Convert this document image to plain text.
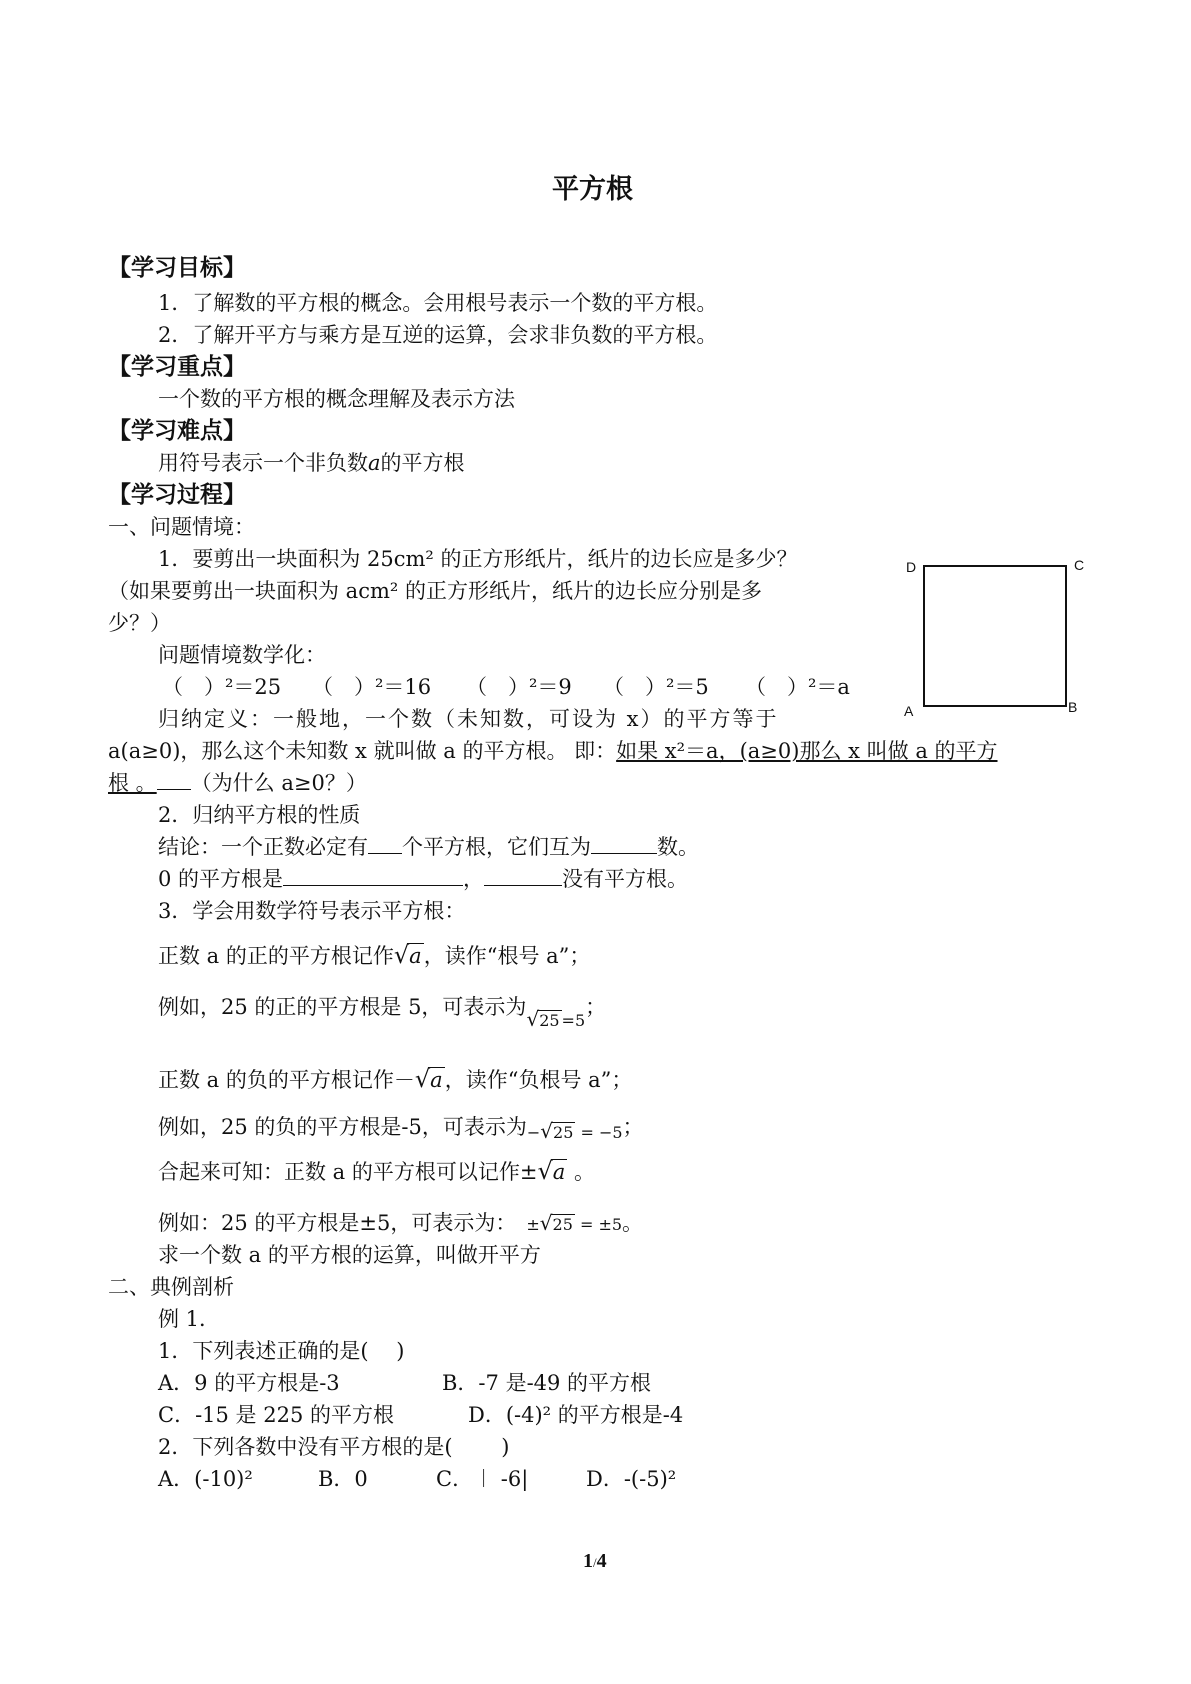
平方根
【学习目标】
1．了解数的平方根的概念。会用根号表示一个数的平方根。
2．了解开平方与乘方是互逆的运算，会求非负数的平方根。
【学习重点】
一个数的平方根的概念理解及表示方法
【学习难点】
用符号表示一个非负数a的平方根
【学习过程】
一、问题情境：
1．要剪出一块面积为 25cm² 的正方形纸片，纸片的边长应是多少？
（如果要剪出一块面积为 acm² 的正方形纸片，纸片的边长应分别是多
少？）
问题情境数学化：
（　）²＝25 （　）²＝16 （　）²＝9 （　）²＝5 （　）²＝a
归纳定义：一般地，一个数（未知数，可设为 x）的平方等于
a(a≥0)，那么这个未知数 x 就叫做 a 的平方根。 即：如果 x²＝a，(a≥0)那么 x 叫做 a 的平方
根 。 （为什么 a≥0？）
2．归纳平方根的性质
结论：一个正数必定有 个平方根，它们互为	数。
0 的平方根是	，	没有平方根。
3．学会用数学符号表示平方根：
正数 a 的正的平方根记作√a，读作“根号 a”；
例如，25 的正的平方根是 5，可表示为$_{√25 =5}$；
正数 a 的负的平方根记作－√a，读作“负根号 a”；
例如，25 的负的平方根是-5，可表示为−√25 = −5；
合起来可知：正数 a 的平方根可以记作±√a 。
例如：25 的平方根是±5，可表示为： ±√25 = ±5。
求一个数 a 的平方根的运算，叫做开平方
D	C
A	B
二、典例剖析
例 1．
1．下列表述正确的是(　 )
A．9 的平方根是-3	B．-7 是-49 的平方根
C．-15 是 225 的平方根	D．(-4)² 的平方根是-4
2．下列各数中没有平方根的是(　　 )
A．(-10)²	B．0	C．︱ -6|	D．-(-5)²
1/4
